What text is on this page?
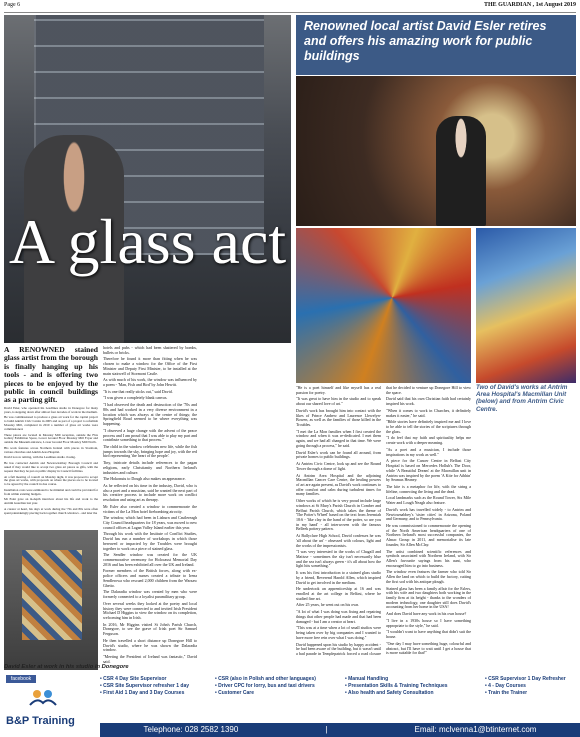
Page 6	THE GUARDIAN , 1st August 2019
A glass act
Renowned local artist David Esler retires and offers his amazing work for public buildings
Two of David's works at Antrim Area Hospital's Macmillan Unit (below) and from Antrim Civic Centre.

A RENOWNED stained glass artist from the borough is finally hanging up his tools - and is offering two pieces to be enjoyed by the public in council buildings as a parting gift.

David Esler, who operated his Leadlines studio in Donegore for many years, is stepping down after almost four decades of work in the medium.

He was commissioned to produce a glass art work for the capital project to build Antrim Civic Centre in 2005 and as part of a project to refurbish Mossley Mill, completed in 2010 a number of glass art works were commissioned.

These pieces are located in Mossley Mill reception, outside the Flax Gallery Exhibition Space, Lower Ground Floor Mossley Mill Foyer and outside the Museum entrance, Lower Ground Floor Mossley Mill North.

His work features across Northern Ireland with pieces in Stormont, various churches and Antrim Area Hospital.

David is now retiring, with the Leadlines studio closing.

He has contacted Antrim and Newtownabbey Borough Council and asked if they would like to accept two glass art pieces as gifts, with the request that they be put on public display in Council facilities.

At a full meeting of council on Monday night, it was proposed to accept the glass art works, with proposals on where the pieces are to be located to be agreed by the council in due course.

Installation costs were estimated to be minimal and could be provided for from within existing budgets.

Mr Esler gave an in-depth interview about his life and work to the Antrim Guardian last year.

A creator at heart, his days at work during the '70s and 80s were often spent painstakingly piecing back together church windows - and later the

David Esler at work in his studio in Donegore

hotels and pubs - which had been shattered by bombs, bullets or bricks.

Therefore he found it more than fitting when he was chosen to make a window for the Office of the First Minister and Deputy First Minister, to be installed at the main stairwell of Stormont Castle.

As with much of his work, the window was influenced by a poem - 'Man, Fish and Bird' by John Hewitt.

"It is one that really sticks out," said David.

"I was given a completely blank canvas.

"I had observed the death and destruction of the '70s and 80s and had worked in a very diverse environment in a location which was always at the centre of things; the Springfield Road seemed to be where everything was happening.

"I observed a huge change with the advent of the peace process and I am proud that I was able to play my part and contribute something to that process."

The child in the window celebrates new life, while the fish jumps towards the sky, bringing hope and joy, with the red bird representing 'the heart of the people'.

Tiny, intricate details include references to the pagan religions, early Christianity and Northern Ireland's industries and culture.

The Hokonuiu to Dough also makes an appearance.

As he reflected on his time in the industry, David, who is also a poet and a musician, said he wanted the next part of his creative process to include more work on conflict resolution and using art as therapy.

Mr Esler also created a window to commemorate the victims of the La Mon hotel firebombing atrocity.

The window, which had been in Lisburn and Castlereagh City Council headquarters for 18 years, was moved to new council offices at Lagan Valley Island earlier this year.

Through his work with the Institute of Conflict Studies, David has run a number of workshops in which those bereaved or impacted by the Troubles were brought together to work on a piece of stained glass.

The Sendler window was created for the UK commemorative ceremony for Holocaust Memorial Day 2016 and has been exhibited all over the UK and Ireland.

Former members of the British forces, along with ex-police officers and nurses created a tribute to Irena Sendlerowa who rescued 2,000 children from the Warsaw Ghetto.

The Dalaradia window was created by men who were formerly connected to a loyalist paramilitary group.

Over several weeks they looked at the poetry and local history they were connected to and invited Irish President Michael D Higgins to view the window on its completion, welcoming him in Irish.

In 2016, Mr Higgins visited St John's Parish Church, Donegore, to see the grave of Irish poet Sir Samuel Ferguson.

He then travelled a short distance up Donegore Hill to David's studio, where he was shown the Dalaradia window.

"Meeting the President of Ireland was fantastic," David said.

"He is a poet himself and like myself has a real passion for poetry.

"It was great to have him in the studio and to speak about our shared love of art."

David's work has brought him into contact with the likes of Prince Andrew and Laurence Llewelyn-Bowen, as well as the families of those killed in the Troubles.

"I met the La Mon families when I first created the window and when it was re-dedicated. I met them again, and we had all changed in that time. We were going through a process," he said.

David Esler's work can be found all around, from private homes to public buildings.

At Antrim Civic Centre, look up and see the Round Tower through a dome of light.

At Antrim Area Hospital and the adjoining Macmillan Cancer Care Centre, the healing powers of art are again present, as David's work continues to offer comfort and calm during turbulent times for many families.

Other works of which he is very proud include large windows at St Mary's Parish Church in Comber and Belfast Parish Church, which takes the theme of 'The Potter's Wheel' based on the text from Jeremiah 18:6 - 'like clay in the hand of the potter, so are you in my hand' - all interwoven with the famous Belleek pottery pattern.

At Ballyclare High School, David confesses he was 'all about the art' - obsessed with colours, light and the works of the impressionists.

"I was very interested in the works of Chagall and Matisse - sometimes the sky isn't necessarily blue and the sea isn't always green - it's all about how the light hits something."

It was his first introduction to a stained glass studio by a friend, Reverend Harold Allen, which inspired David to get involved in the medium.

He undertook an apprenticeship at 16 and was enrolled at the art college in Belfast, where he studied fine art.

After 25 years, he went out on his own.

"A lot of what I was doing was fixing and repairing things that other people had made and that had been damaged - but I am a creator at heart.

"This was at a time when a lot of small studios were being taken over by big companies and I wanted to have more free rein over what I was doing."

David happened upon his studio by happy accident - he had been aware of the building, but it wasn't until a bad parade in Templepatrick forced a road closure that he decided to venture up Donegore Hill to view the space.

David said that his own Christian faith had certainly inspired his work.

"When it comes to work in Churches, it definitely makes it easier," he said.

"Bible stories have definitely inspired me and I love to be able to tell the stories of the scriptures through the glass.

"I do feel that my faith and spirituality helps me create work with a deeper meaning.

"As a poet and a musician, I include those inspirations in my work as well."

A piece for the Cancer Centre in Belfast City Hospital is based on Mercedes Hollub's The Door, while 'A Beautiful Dream' at the Macmillan unit in Antrim was inspired by the poem 'A Kite for Aibhin' by Seamus Heaney.

The kite is a metaphor for life, with the string a lifeline, connecting the living and the dead.

Local landmarks such as the Round Tower, Six Mile Water and Lough Neagh also feature.

David's work has travelled widely - to Antrim and Newtownabbey's 'sister cities' in Arizona, Poland and Germany, and to Pennsylvania.

He was commissioned to commemorate the opening of the North American headquarters of one of Northern Ireland's most successful companies, the Almac Group in 2011, and memorialise its late founder, Sir Allen McClay.

The artist combined scientific references and symbols associated with Northern Ireland, with Sir Allen's favourite sayings from his aunt, who encouraged him to go into business.

The window even features the farmer who told Sir Allen the land on which to build the factory, cutting the first sod with his antique plough.

Stained glass has been a family affair for the Eslers, with his wife and two daughters both working in the family firm at its height - thanks to the wonders of modern technology, one daughter still does David's accounting from her home in the USA!

And does David have any work in his own house?

"I live in a 1930s house so I have something appropriate to the style," he said.

"I wouldn't want to have anything that didn't suit the house.

"One day I may have something huge, colourful and abstract, but I'll have to wait until I get a house that is more suitable for that!"

facebook
B&P Training
• CSR 4 Day Site Supervisor
• CSR Site Supervisor refresher 1 day
• First Aid 1 Day and 3 Day Courses
• CSR (also in Polish and other languages)
• Driver CPC for lorry, bus and taxi drivers
• Customer Care
• Manual Handling
• Presentation Skills & Training Techniques
• Also health and Safety Consultation
• CSR Supervisor 1 Day Refresher
• 4 - Day Courses
• Train the Trainer
Telephone: 028 2582 1390	|	Email: mclvenna1@btinternet.com
